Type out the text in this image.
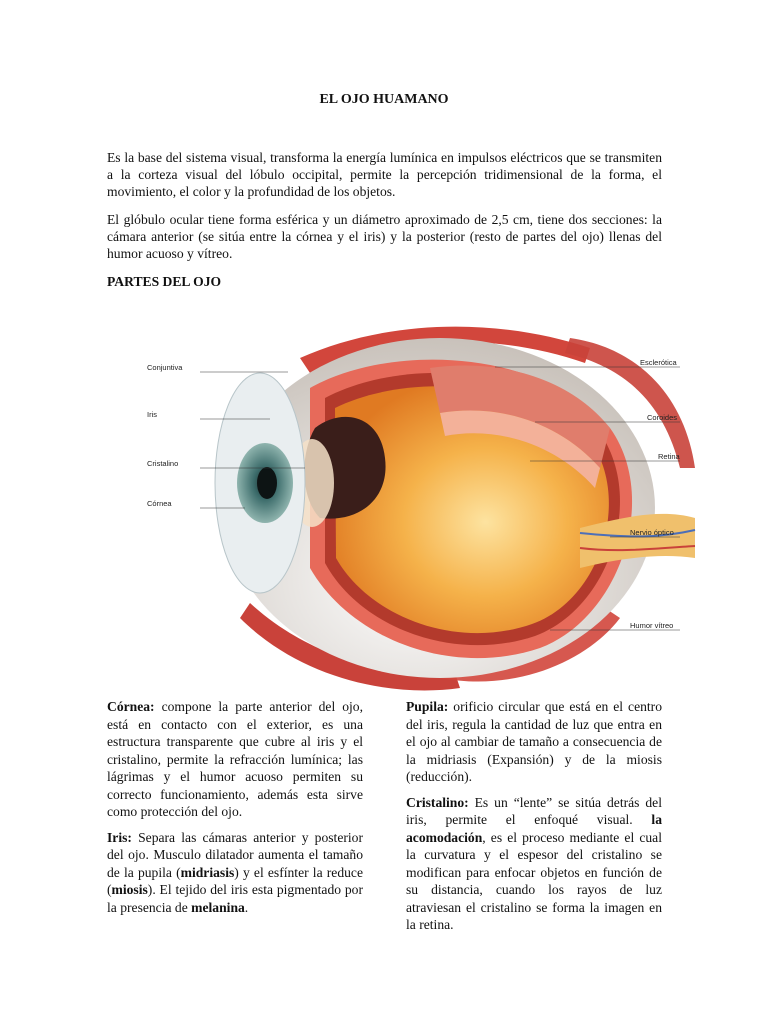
EL OJO HUAMANO

Es la base del sistema visual, transforma la energía lumínica en impulsos eléctricos que se transmiten a la corteza visual del lóbulo occipital, permite la percepción tridimensional de la forma, el movimiento, el color y la profundidad de los objetos.

El glóbulo ocular tiene forma esférica y un diámetro aproximado de 2,5 cm, tiene dos secciones: la cámara anterior (se sitúa entre la córnea y el iris) y la posterior (resto de partes del ojo) llenas del humor acuoso y vítreo.

PARTES DEL OJO
Conjuntiva
Iris
Cristalino
Córnea
Esclerótica
Coroides
Retina
Nervio óptico
Humor vítreo

Córnea: compone la parte anterior del ojo, está en contacto con el exterior, es una estructura transparente que cubre al iris y el cristalino, permite la refracción lumínica; las lágrimas y el humor acuoso permiten su correcto funcionamiento, además esta sirve como protección del ojo.

Iris: Separa las cámaras anterior y posterior del ojo. Musculo dilatador aumenta el tamaño de la pupila (midriasis) y el esfínter la reduce (miosis). El tejido del iris esta pigmentado por la presencia de melanina.

Pupila: orificio circular que está en el centro del iris, regula la cantidad de luz que entra en el ojo al cambiar de tamaño a consecuencia de la midriasis (Expansión) y de la miosis (reducción).

Cristalino: Es un “lente” se sitúa detrás del iris, permite el enfoqué visual. la acomodación, es el proceso mediante el cual la curvatura y el espesor del cristalino se modifican para enfocar objetos en función de su distancia, cuando los rayos de luz atraviesan el cristalino se forma la imagen en la retina.
